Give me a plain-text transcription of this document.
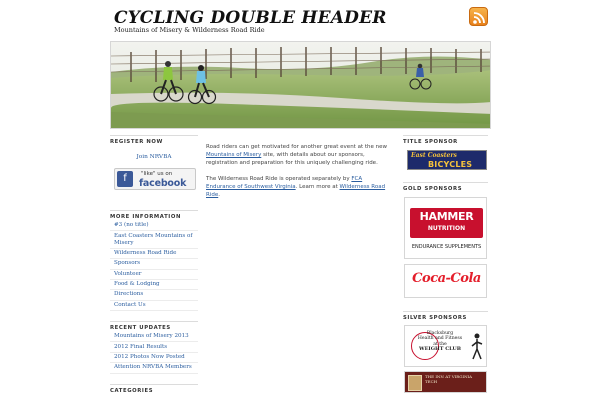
CYCLING DOUBLE HEADER
Mountains of Misery & Wilderness Road Ride
REGISTER NOW
Join NRVBA
f	"like" us on
facebook
MORE INFORMATION
#3 (no title)
East Coasters Mountains of Misery
Wilderness Road Ride
Sponsors
Volunteer
Food & Lodging
Directions
Contact Us
RECENT UPDATES
Mountains of Misery 2013
2012 Final Results
2012 Photos Now Posted
Attention NRVBA Members
CATEGORIES

Road riders can get motivated for another great event at the new Mountains of Misery site, with details about our sponsors, registration and preparation for this uniquely challenging ride.

The Wilderness Road Ride is operated separately by FCA Endurance of Southwest Virginia. Learn more at Wilderness Road Ride.

TITLE SPONSOR
East Coasters
BICYCLES
GOLD SPONSORS
HAMMER
NUTRITION
ENDURANCE SUPPLEMENTS
Coca-Cola
SILVER SPONSORS
Blacksburg
Health and Fitness
at the
WEIGHT CLUB
THE INN AT VIRGINIA TECH
